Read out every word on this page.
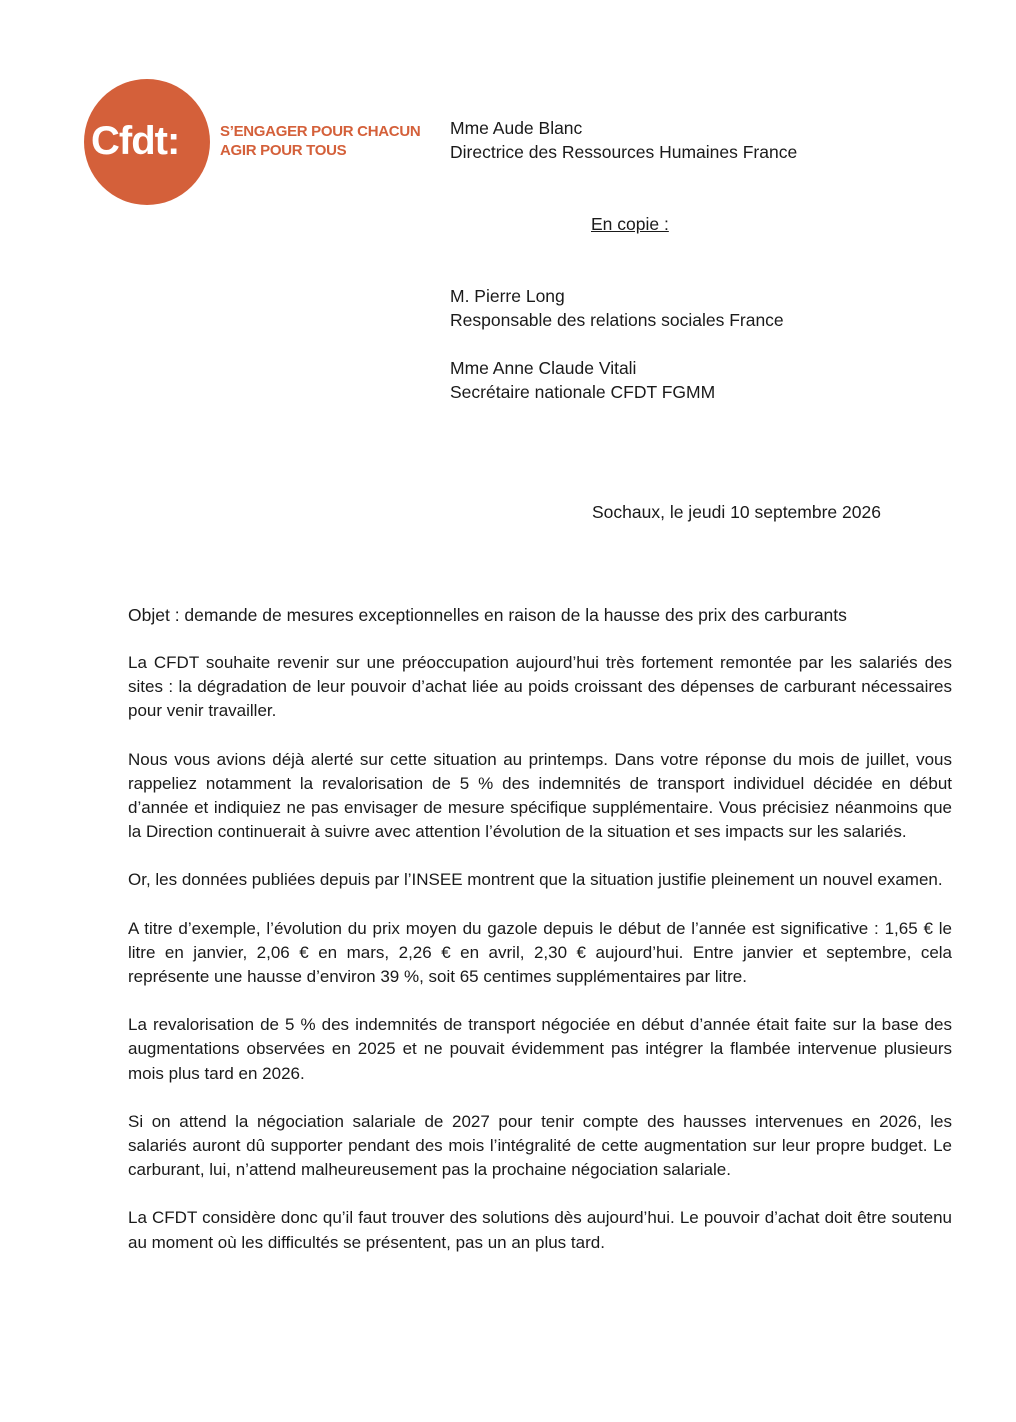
Cfdt:	S’ENGAGER POUR CHACUN
AGIR POUR TOUS
Mme Aude Blanc
Directrice des Ressources Humaines France
En copie :
M. Pierre Long
Responsable des relations sociales France
Mme Anne Claude Vitali
Secrétaire nationale CFDT FGMM
Sochaux, le jeudi 10 septembre 2026
Objet : demande de mesures exceptionnelles en raison de la hausse des prix des carburants

La CFDT souhaite revenir sur une préoccupation aujourd’hui très fortement remontée par les salariés des sites : la dégradation de leur pouvoir d’achat liée au poids croissant des dépenses de carburant nécessaires pour venir travailler.

Nous vous avions déjà alerté sur cette situation au printemps. Dans votre réponse du mois de juillet, vous rappeliez notamment la revalorisation de 5 % des indemnités de transport individuel décidée en début d’année et indiquiez ne pas envisager de mesure spécifique supplémentaire. Vous précisiez néanmoins que la Direction continuerait à suivre avec attention l’évolution de la situation et ses impacts sur les salariés.

Or, les données publiées depuis par l’INSEE montrent que la situation justifie pleinement un nouvel examen.

A titre d’exemple, l’évolution du prix moyen du gazole depuis le début de l’année est significative : 1,65 € le litre en janvier, 2,06 € en mars, 2,26 € en avril, 2,30 € aujourd’hui. Entre janvier et septembre, cela représente une hausse d’environ 39 %, soit 65 centimes supplémentaires par litre.

La revalorisation de 5 % des indemnités de transport négociée en début d’année était faite sur la base des augmentations observées en 2025 et ne pouvait évidemment pas intégrer la flambée intervenue plusieurs mois plus tard en 2026.

Si on attend la négociation salariale de 2027 pour tenir compte des hausses intervenues en 2026, les salariés auront dû supporter pendant des mois l’intégralité de cette augmentation sur leur propre budget. Le carburant, lui, n’attend malheureusement pas la prochaine négociation salariale.

La CFDT considère donc qu’il faut trouver des solutions dès aujourd’hui. Le pouvoir d’achat doit être soutenu au moment où les difficultés se présentent, pas un an plus tard.
